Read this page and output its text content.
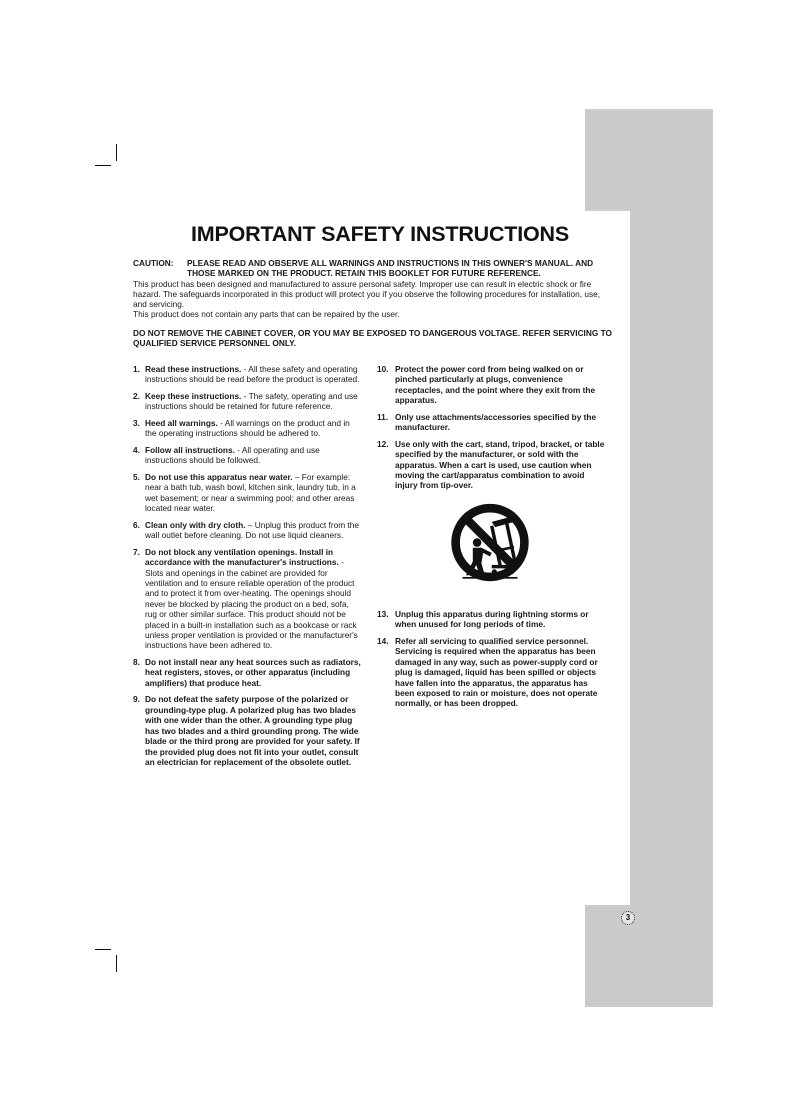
3
IMPORTANT SAFETY INSTRUCTIONS
CAUTION:	PLEASE READ AND OBSERVE ALL WARNINGS AND INSTRUCTIONS IN THIS OWNER'S MANUAL. AND THOSE MARKED ON THE PRODUCT. RETAIN THIS BOOKLET FOR FUTURE REFERENCE.

This product has been designed and manufactured to assure personal safety. Improper use can result in electric shock or fire hazard. The safeguards incorporated in this product will protect you if you observe the following procedures for installation, use, and servicing.

This product does not contain any parts that can be repaired by the user.

DO NOT REMOVE THE CABINET COVER, OR YOU MAY BE EXPOSED TO DANGEROUS VOLTAGE. REFER SERVICING TO QUALIFIED SERVICE PERSONNEL ONLY.
1. Read these instructions. - All these safety and operating instructions should be read before the product is operated.
2. Keep these instructions. - The safety, operating and use instructions should be retained for future reference.
3. Heed all warnings. - All warnings on the product and in the operating instructions should be adhered to.
4. Follow all instructions. - All operating and use instructions should be followed.
5. Do not use this apparatus near water. – For example: near a bath tub, wash bowl, kitchen sink, laundry tub, in a wet basement; or near a swimming pool; and other areas located near water.
6. Clean only with dry cloth. – Unplug this product from the wall outlet before cleaning. Do not use liquid cleaners.
7. Do not block any ventilation openings. Install in accordance with the manufacturer's instructions. - Slots and openings in the cabinet are provided for ventilation and to ensure reliable operation of the product and to protect it from over-heating. The openings should never be blocked by placing the product on a bed, sofa, rug or other similar surface. This product should not be placed in a built-in installation such as a bookcase or rack unless proper ventilation is provided or the manufacturer's instructions have been adhered to.
8. Do not install near any heat sources such as radiators, heat registers, stoves, or other apparatus (including amplifiers) that produce heat.
9. Do not defeat the safety purpose of the polarized or grounding-type plug. A polarized plug has two blades with one wider than the other. A grounding type plug has two blades and a third grounding prong. The wide blade or the third prong are provided for your safety. If the provided plug does not fit into your outlet, consult an electrician for replacement of the obsolete outlet.
10. Protect the power cord from being walked on or pinched particularly at plugs, convenience receptacles, and the point where they exit from the apparatus.
11. Only use attachments/accessories specified by the manufacturer.
12. Use only with the cart, stand, tripod, bracket, or table specified by the manufacturer, or sold with the apparatus. When a cart is used, use caution when moving the cart/apparatus combination to avoid injury from tip-over.
13. Unplug this apparatus during lightning storms or when unused for long periods of time.
14. Refer all servicing to qualified service personnel. Servicing is required when the apparatus has been damaged in any way, such as power-supply cord or plug is damaged, liquid has been spilled or objects have fallen into the apparatus, the apparatus has been exposed to rain or moisture, does not operate normally, or has been dropped.
